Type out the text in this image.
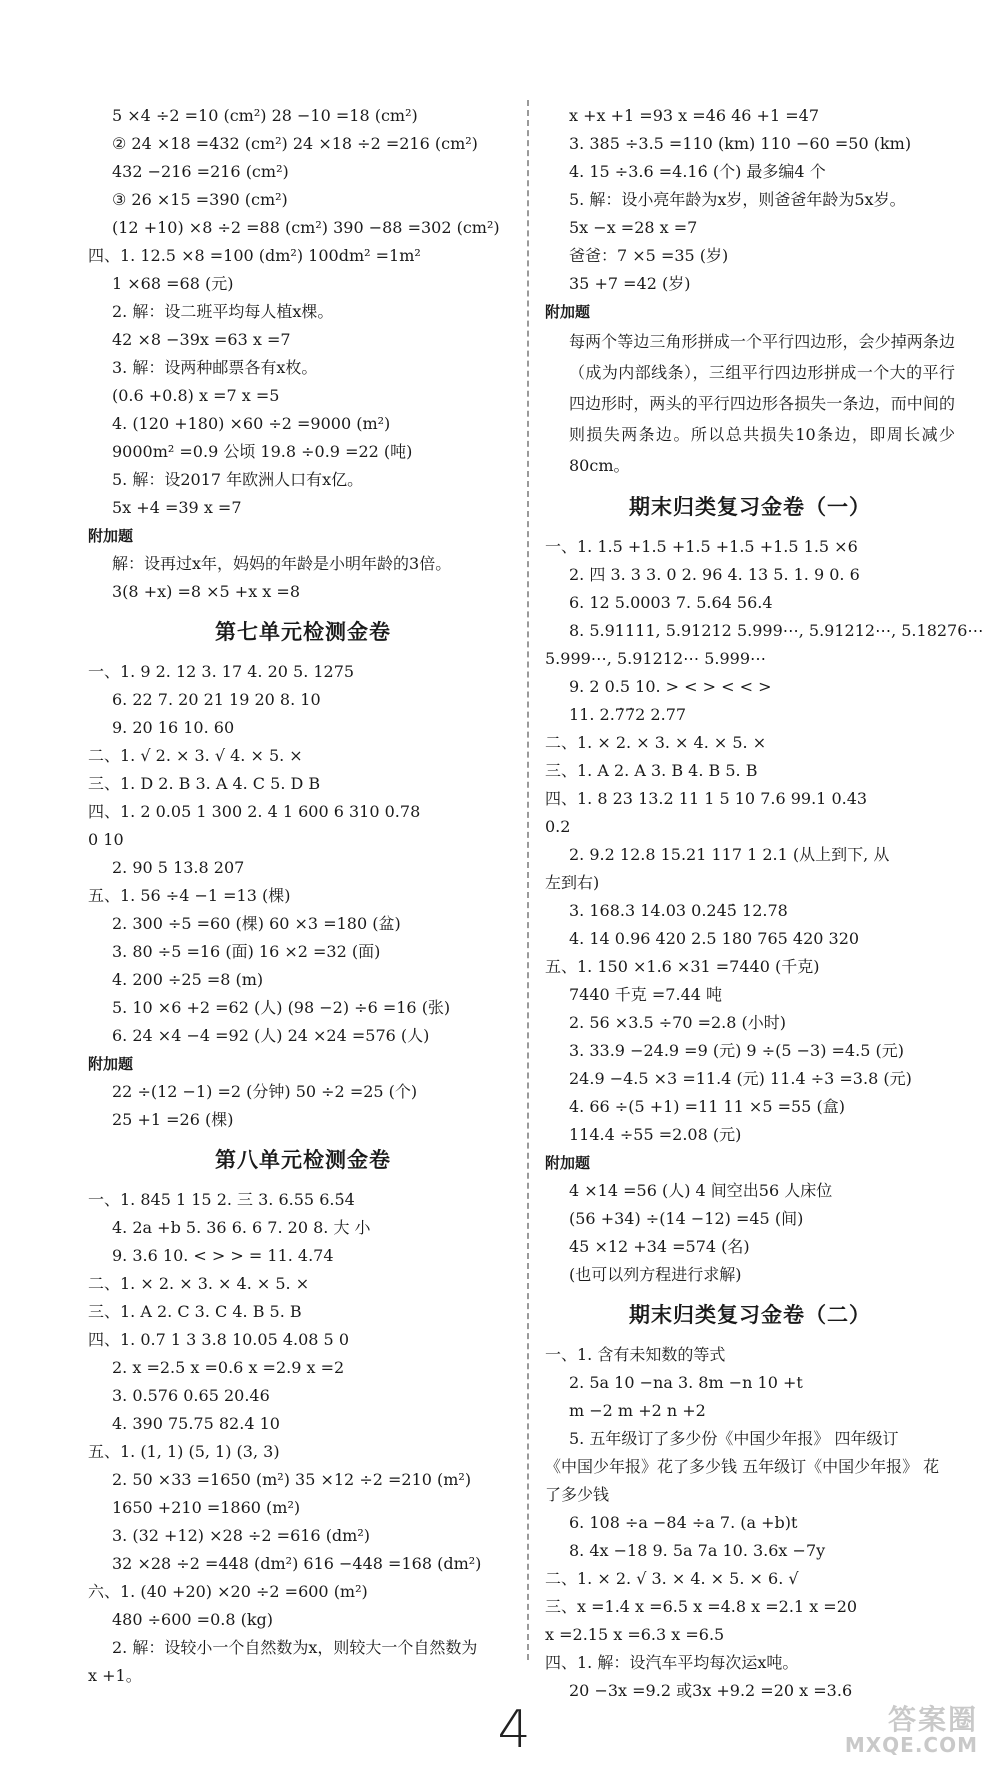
5 ×4 ÷2 =10 (cm²) 28 −10 =18 (cm²)
② 24 ×18 =432 (cm²) 24 ×18 ÷2 =216 (cm²)
432 −216 =216 (cm²)
③ 26 ×15 =390 (cm²)
(12 +10) ×8 ÷2 =88 (cm²) 390 −88 =302 (cm²)
四、1. 12.5 ×8 =100 (dm²) 100dm² =1m²
1 ×68 =68 (元)
2. 解：设二班平均每人植x棵。
42 ×8 −39x =63 x =7
3. 解：设两种邮票各有x枚。
(0.6 +0.8) x =7 x =5
4. (120 +180) ×60 ÷2 =9000 (m²)
9000m² =0.9 公顷 19.8 ÷0.9 =22 (吨)
5. 解：设2017 年欧洲人口有x亿。
5x +4 =39 x =7
附加题
解：设再过x年，妈妈的年龄是小明年龄的3倍。
3(8 +x) =8 ×5 +x x =8
第七单元检测金卷
一、1. 9 2. 12 3. 17 4. 20 5. 1275
6. 22 7. 20 21 19 20 8. 10
9. 20 16 10. 60
二、1. √ 2. × 3. √ 4. × 5. ×
三、1. D 2. B 3. A 4. C 5. D B
四、1. 2 0.05 1 300 2. 4 1 600 6 310 0.78
0 10
2. 90 5 13.8 207
五、1. 56 ÷4 −1 =13 (棵)
2. 300 ÷5 =60 (棵) 60 ×3 =180 (盆)
3. 80 ÷5 =16 (面) 16 ×2 =32 (面)
4. 200 ÷25 =8 (m)
5. 10 ×6 +2 =62 (人) (98 −2) ÷6 =16 (张)
6. 24 ×4 −4 =92 (人) 24 ×24 =576 (人)
附加题
22 ÷(12 −1) =2 (分钟) 50 ÷2 =25 (个)
25 +1 =26 (棵)
第八单元检测金卷
一、1. 845 1 15 2. 三 3. 6.55 6.5̇4̇
4. 2a +b 5. 36 6. 6 7. 20 8. 大 小
9. 3.6 10. < > > = 11. 4.74
二、1. × 2. × 3. × 4. × 5. ×
三、1. A 2. C 3. C 4. B 5. B
四、1. 0.7 1 3 3.8 10.05 4.08 5 0
2. x =2.5 x =0.6 x =2.9 x =2
3. 0.576 0.65 20.46
4. 390 75.75 82.4 10
五、1. (1, 1) (5, 1) (3, 3)
2. 50 ×33 =1650 (m²) 35 ×12 ÷2 =210 (m²)
1650 +210 =1860 (m²)
3. (32 +12) ×28 ÷2 =616 (dm²)
32 ×28 ÷2 =448 (dm²) 616 −448 =168 (dm²)
六、1. (40 +20) ×20 ÷2 =600 (m²)
480 ÷600 =0.8 (kg)
2. 解：设较小一个自然数为x，则较大一个自然数为
x +1。
x +x +1 =93 x =46 46 +1 =47
3. 385 ÷3.5 =110 (km) 110 −60 =50 (km)
4. 15 ÷3.6 =4.16̇ (个) 最多编4 个
5. 解：设小亮年龄为x岁，则爸爸年龄为5x岁。
5x −x =28 x =7
爸爸：7 ×5 =35 (岁)
35 +7 =42 (岁)
附加题
每两个等边三角形拼成一个平行四边形，会少掉两条边（成为内部线条），三组平行四边形拼成一个大的平行四边形时，两头的平行四边形各损失一条边，而中间的则损失两条边。所以总共损失10条边，即周长减少80cm。
期末归类复习金卷（一）
一、1. 1.5 +1.5 +1.5 +1.5 +1.5 1.5 ×6
2. 四 3. 3 3. 0 2. 96 4. 13 5. 1. 9 0. 6
6. 12 5.0003 7. 5.64 56.4
8. 5.91111, 5.91212 5.999⋯, 5.91212⋯, 5.18276⋯
5.999⋯, 5.91212⋯ 5.999⋯
9. 2 0.5 10. > < > < < >
11. 2.7̇7̇2 2.77
二、1. × 2. × 3. × 4. × 5. ×
三、1. A 2. A 3. B 4. B 5. B
四、1. 8 23 13.2 11 1 5 10 7.6 99.1 0.43
0.2
2. 9.2 12.8 15.21 117 1 2.1 (从上到下, 从
左到右)
3. 168.3 14.03 0.24̇5̇ 12.78
4. 14 0.96 420 2.5 180 765 420 320
五、1. 150 ×1.6 ×31 =7440 (千克)
7440 千克 =7.44 吨
2. 56 ×3.5 ÷70 =2.8 (小时)
3. 33.9 −24.9 =9 (元) 9 ÷(5 −3) =4.5 (元)
24.9 −4.5 ×3 =11.4 (元) 11.4 ÷3 =3.8 (元)
4. 66 ÷(5 +1) =11 11 ×5 =55 (盒)
114.4 ÷55 =2.08 (元)
附加题
4 ×14 =56 (人) 4 间空出56 人床位
(56 +34) ÷(14 −12) =45 (间)
45 ×12 +34 =574 (名)
(也可以列方程进行求解)
期末归类复习金卷（二）
一、1. 含有未知数的等式
2. 5a 10 −na 3. 8m −n 10 +t
m −2 m +2 n +2
5. 五年级订了多少份《中国少年报》 四年级订
《中国少年报》花了多少钱 五年级订《中国少年报》 花
了多少钱
6. 108 ÷a −84 ÷a 7. (a +b)t
8. 4x −18 9. 5a 7a 10. 3.6x −7y
二、1. × 2. √ 3. × 4. × 5. × 6. √
三、x =1.4 x =6.5 x =4.8 x =2.1 x =20
x =2.15 x =6.3 x =6.5
四、1. 解：设汽车平均每次运x吨。
20 −3x =9.2 或3x +9.2 =20 x =3.6
4	答案圈
MXQE.COM
